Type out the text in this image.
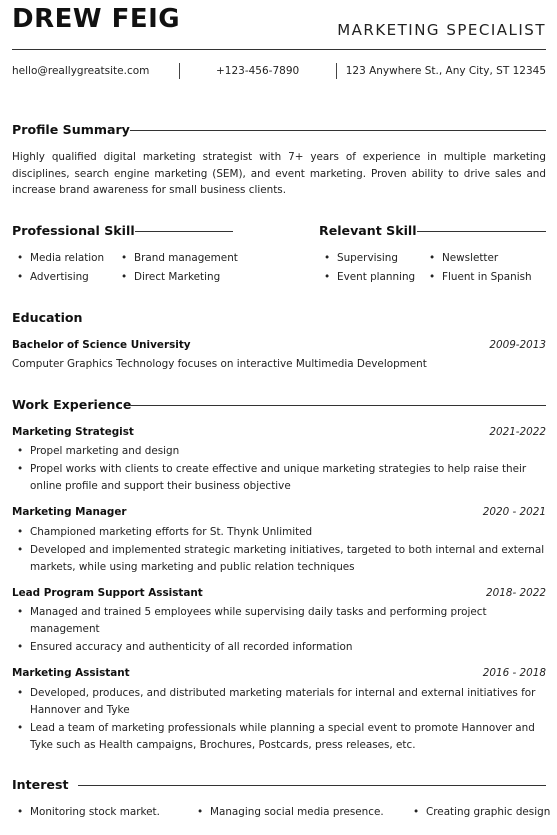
DREW FEIG	MARKETING SPECIALIST
hello@reallygreatsite.com	+123-456-7890	123 Anywhere St., Any City, ST 12345
Profile Summary
Highly qualified digital marketing strategist with 7+ years of experience in multiple marketing disciplines, search engine marketing (SEM), and event marketing. Proven ability to drive sales and increase brand awareness for small business clients.
Professional Skill
• Media relation	• Brand management
• Advertising	• Direct Marketing
Relevant Skill
• Supervising	• Newsletter
• Event planning	• Fluent in Spanish
Education
Bachelor of Science University	2009-2013
Computer Graphics Technology focuses on interactive Multimedia Development
Work Experience
Marketing Strategist	2021-2022
• Propel marketing and design
• Propel works with clients to create effective and unique marketing strategies to help raise their online profile and support their business objective
Marketing Manager	2020 - 2021
• Championed marketing efforts for St. Thynk Unlimited
• Developed and implemented strategic marketing initiatives, targeted to both internal and external markets, while using marketing and public relation techniques
Lead Program Support Assistant	2018- 2022
• Managed and trained 5 employees while supervising daily tasks and performing project management
• Ensured accuracy and authenticity of all recorded information
Marketing Assistant	2016 - 2018
• Developed, produces, and distributed marketing materials for internal and external initiatives for Hannover and Tyke
• Lead a team of marketing professionals while planning a special event to promote Hannover and Tyke such as Health campaigns, Brochures, Postcards, press releases, etc.
Interest
• Monitoring stock market.	• Managing social media presence.	• Creating graphic design
